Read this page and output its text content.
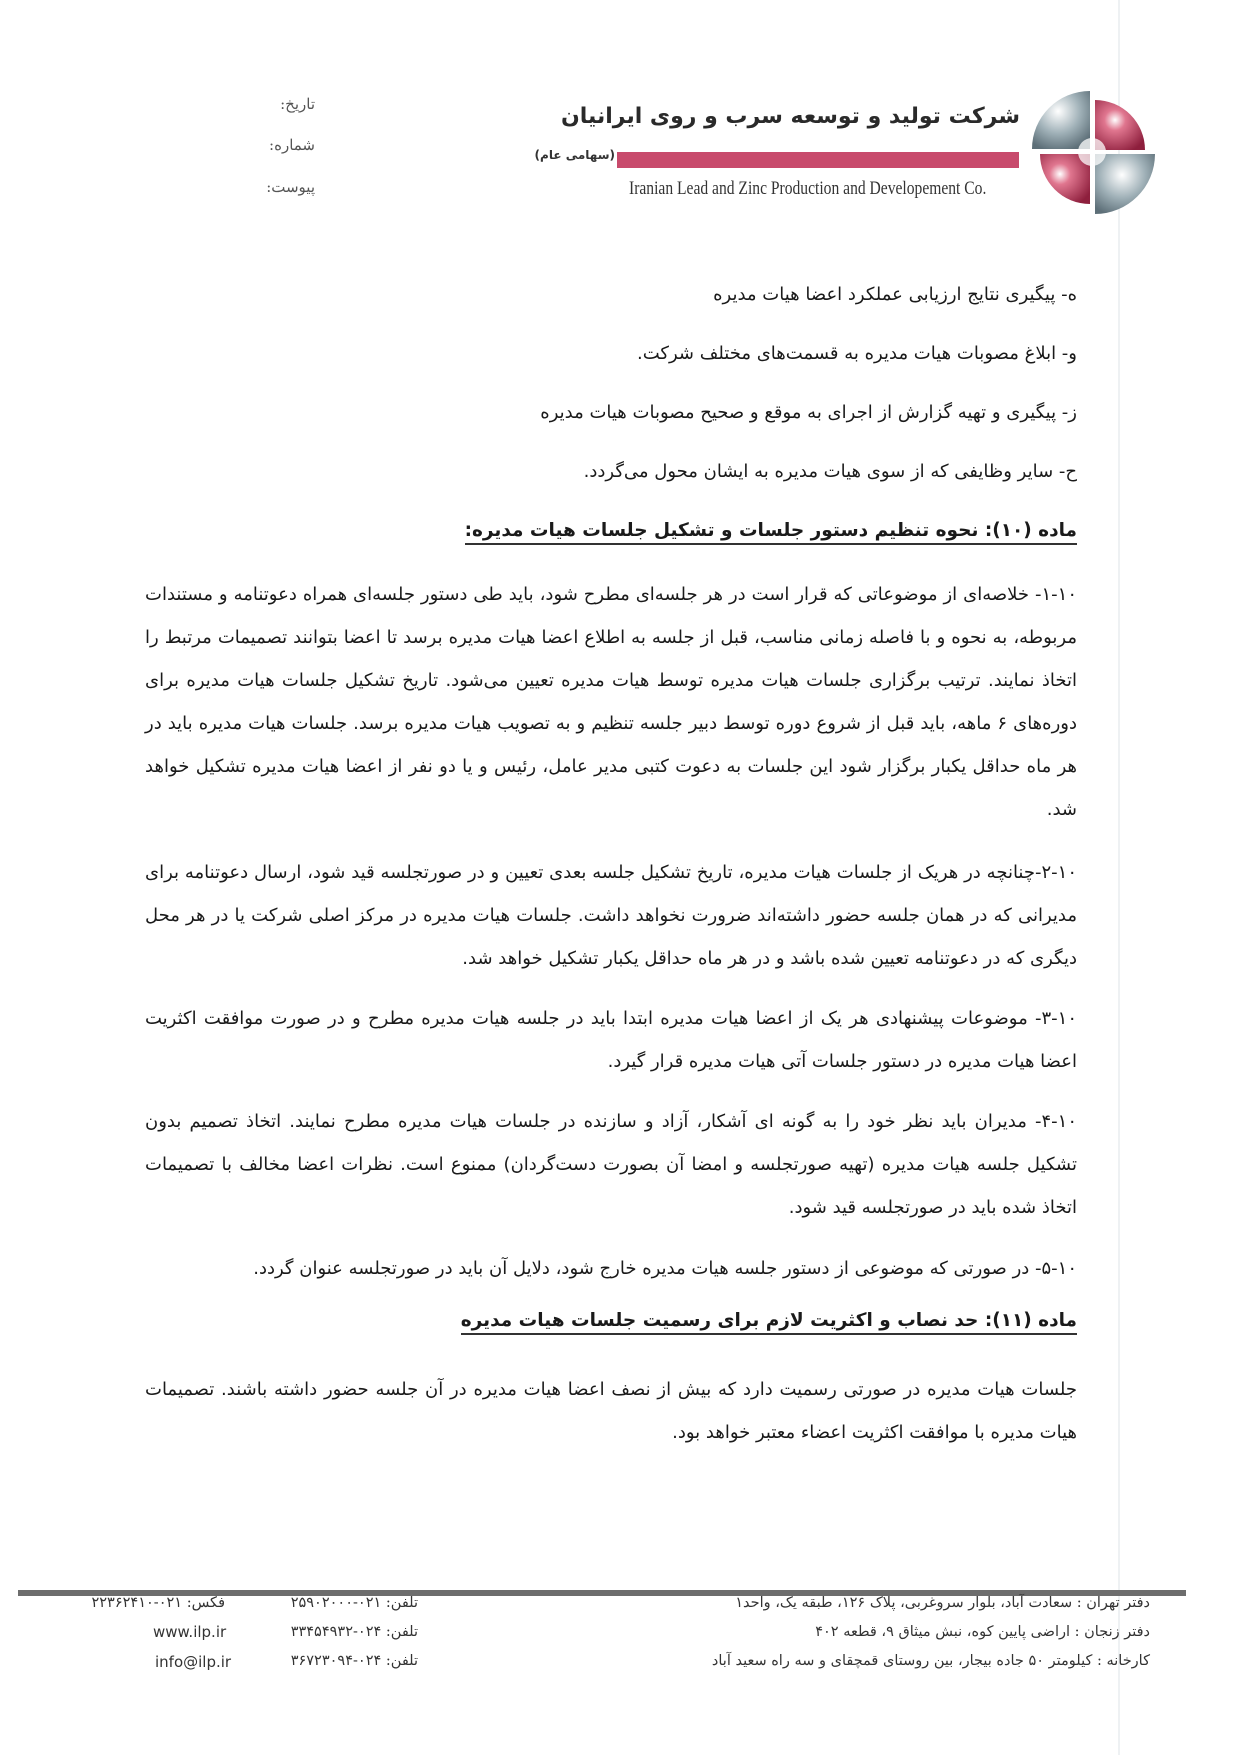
شرکت تولید و توسعه سرب و روی ایرانیان
(سهامی عام)
Iranian Lead and Zinc Production and Developement Co.
تاریخ:
شماره:
پیوست:
ه- پیگیری نتایج ارزیابی عملکرد اعضا هیات مدیره
و- ابلاغ مصوبات هیات مدیره به قسمت‌های مختلف شرکت.
ز- پیگیری و تهیه گزارش از اجرای به موقع و صحیح مصوبات هیات مدیره
ح- سایر وظایفی که از سوی هیات مدیره به ایشان محول می‌گردد.
ماده (۱۰): نحوه تنظیم دستور جلسات و تشکیل جلسات هیات مدیره:
۱-۱۰- خلاصه‌ای از موضوعاتی که قرار است در هر جلسه‌ای مطرح شود، باید طی دستور جلسه‌ای همراه دعوتنامه و مستندات مربوطه، به نحوه و با فاصله زمانی مناسب، قبل از جلسه به اطلاع اعضا هیات مدیره برسد تا اعضا بتوانند تصمیمات مرتبط را اتخاذ نمایند. ترتیب برگزاری جلسات هیات مدیره توسط هیات مدیره تعیین می‌شود. تاریخ تشکیل جلسات هیات مدیره برای دوره‌های ۶ ماهه، باید قبل از شروع دوره توسط دبیر جلسه تنظیم و به تصویب هیات مدیره برسد. جلسات هیات مدیره باید در هر ماه حداقل یکبار برگزار شود این جلسات به دعوت کتبی مدیر عامل، رئیس و یا دو نفر از اعضا هیات مدیره تشکیل خواهد شد.
۲-۱۰-چنانچه در هریک از جلسات هیات مدیره، تاریخ تشکیل جلسه بعدی تعیین و در صورتجلسه قید شود، ارسال دعوتنامه برای مدیرانی که در همان جلسه حضور داشته‌اند ضرورت نخواهد داشت. جلسات هیات مدیره در مرکز اصلی شرکت یا در هر محل دیگری که در دعوتنامه تعیین شده باشد و در هر ماه حداقل یکبار تشکیل خواهد شد.
۳-۱۰- موضوعات پیشنهادی هر یک از اعضا هیات مدیره ابتدا باید در جلسه هیات مدیره مطرح و در صورت موافقت اکثریت اعضا هیات مدیره در دستور جلسات آتی هیات مدیره قرار گیرد.
۴-۱۰- مدیران باید نظر خود را به گونه ای آشکار، آزاد و سازنده در جلسات هیات مدیره مطرح نمایند. اتخاذ تصمیم بدون تشکیل جلسه هیات مدیره (تهیه صورتجلسه و امضا آن بصورت دست‌گردان) ممنوع است. نظرات اعضا مخالف با تصمیمات اتخاذ شده باید در صورتجلسه قید شود.
۵-۱۰- در صورتی که موضوعی از دستور جلسه هیات مدیره خارج شود، دلایل آن باید در صورتجلسه عنوان گردد.
ماده (۱۱): حد نصاب و اکثریت لازم برای رسمیت جلسات هیات مدیره
جلسات هیات مدیره در صورتی رسمیت دارد که بیش از نصف اعضا هیات مدیره در آن جلسه حضور داشته باشند. تصمیمات هیات مدیره با موافقت اکثریت اعضاء معتبر خواهد بود.
دفتر تهران : سعادت آباد، بلوار سروغربی، پلاک ۱۲۶، طبقه یک، واحد۱
دفتر زنجان : اراضی پایین کوه، نبش میثاق ۹، قطعه ۴۰۲
کارخانه : کیلومتر ۵۰ جاده بیجار، بین روستای قمچقای و سه راه سعید آباد
تلفن: ۰۲۱-۲۵۹۰۲۰۰۰
تلفن: ۰۲۴-۳۳۴۵۴۹۳۲
تلفن: ۰۲۴-۳۶۷۲۳۰۹۴
فکس: ۰۲۱-۲۲۳۶۲۴۱۰
www.ilp.ir
info@ilp.ir
